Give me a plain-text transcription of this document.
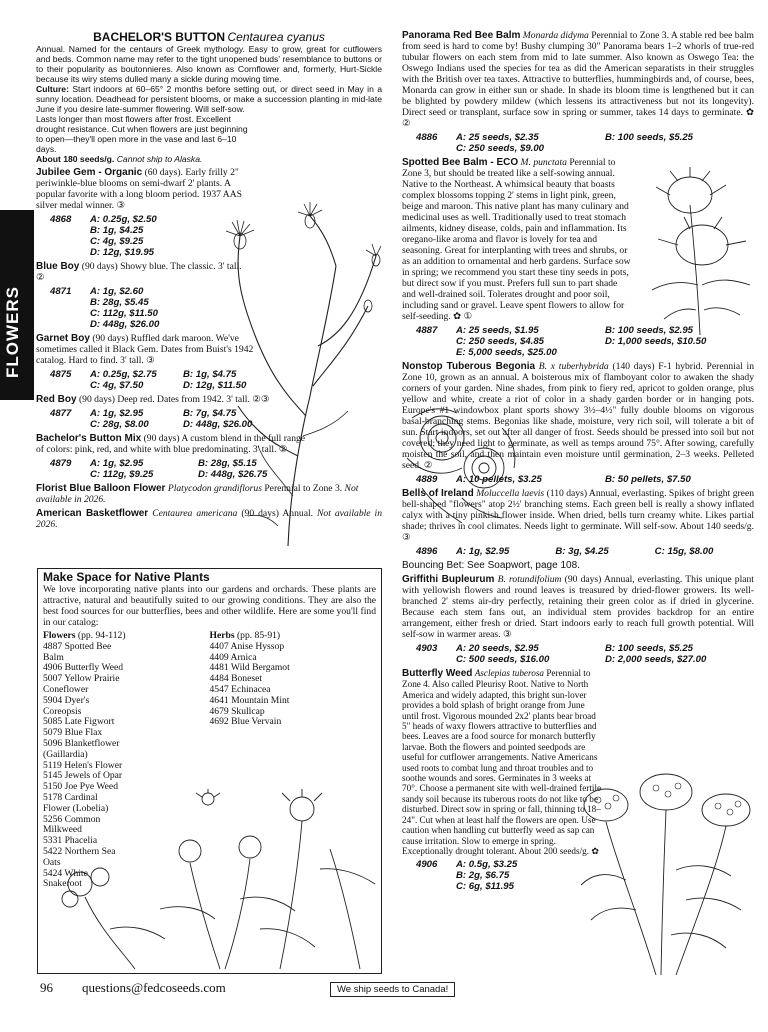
FLOWERS
BACHELOR'S BUTTON Centaurea cyanus

Annual. Named for the centaurs of Greek mythology. Easy to grow, great for cutflowers and beds. Common name may refer to the tight unopened buds' resemblance to buttons or to their popularity as boutonnieres. Also known as Cornflower and, formerly, Hurt-Sickle because its wiry stems dulled many a sickle during mowing time.

Culture: Start indoors at 60–65° 2 months before setting out, or direct seed in May in a sunny location. Deadhead for persistent blooms, or make a succession planting in mid-late June if you desire late-summer flowering. Will self-sow.

Lasts longer than most flowers after frost. Excellent drought resistance. Cut when flowers are just beginning to open—they'll open more in the vase and last 6–10 days.

About 180 seeds/g. Cannot ship to Alaska.

Jubilee Gem - Organic (60 days). Early frilly 2" periwinkle-blue blooms on semi-dwarf 2' plants. A popular favorite with a long bloom period. 1937 AAS silver medal winner. ③

4868	A: 0.25g, $2.50
B: 1g, $4.25
C: 4g, $9.25
D: 12g, $19.95

Blue Boy (90 days) Showy blue. The classic. 3' tall. ②

4871	A: 1g, $2.60
B: 28g, $5.45
C: 112g, $11.50
D: 448g, $26.00

Garnet Boy (90 days) Ruffled dark maroon. We've sometimes called it Black Gem. Dates from Buist's 1942 catalog. Hard to find. 3' tall. ③

4875	A: 0.25g, $2.75	B: 1g, $4.75
C: 4g, $7.50	D: 12g, $11.50

Red Boy (90 days) Deep red. Dates from 1942. 3' tall. ②③

4877	A: 1g, $2.95	B: 7g, $4.75
C: 28g, $8.00	D: 448g, $26.00

Bachelor's Button Mix (90 days) A custom blend in the full range of colors: pink, red, and white with blue predominating. 3' tall. ②

4879	A: 1g, $2.95	B: 28g, $5.15
C: 112g, $9.25	D: 448g, $26.75

Florist Blue Balloon Flower Platycodon grandiflorus Perennial to Zone 3. Not available in 2026.

American Basketflower Centaurea americana (90 days) Annual. Not available in 2026.

Make Space for Native Plants

We love incorporating native plants into our gardens and orchards. These plants are attractive, natural and beautifully suited to our growing conditions. They are also the best food sources for our butterflies, bees and other wildlife. Here are some you'll find in our catalog:

Flowers (pp. 94-112)
4887 Spotted Bee Balm
4906 Butterfly Weed
5007 Yellow Prairie Coneflower
5904 Dyer's Coreopsis
5085 Late Figwort
5079 Blue Flax
5096 Blanketflower (Gaillardia)
5119 Helen's Flower
5145 Jewels of Opar
5150 Joe Pye Weed
5178 Cardinal Flower (Lobelia)
5256 Common Milkweed
5331 Phacelia
5422 Northern Sea Oats
5424 White Snakeroot
Herbs (pp. 85-91)
4407 Anise Hyssop
4409 Arnica
4481 Wild Bergamot
4484 Boneset
4547 Echinacea
4641 Mountain Mint
4679 Skullcap
4692 Blue Vervain

Panorama Red Bee Balm Monarda didyma Perennial to Zone 3. A stable red bee balm from seed is hard to come by! Bushy clumping 30" Panorama bears 1–2 whorls of true-red tubular flowers on each stem from mid to late summer. Also known as Oswego Tea: the Oswego Indians used the species for tea as did the American separatists in their struggles with the British over tea taxes. Attractive to butterflies, hummingbirds and, of course, bees, Monarda can grow in either sun or shade. In shade its bloom time is lengthened but it can be blighted by powdery mildew (which lessens its attractiveness but not its longevity). Direct seed or transplant, surface sow in spring or summer, takes 14 days to germinate. ✿ ②

4886	A: 25 seeds, $2.35	B: 100 seeds, $5.25
C: 250 seeds, $9.00

Spotted Bee Balm - ECO M. punctata Perennial to Zone 3, but should be treated like a self-sowing annual. Native to the Northeast. A whimsical beauty that boasts complex blossoms topping 2' stems in light pink, green, beige and maroon. This native plant has many culinary and medicinal uses as well. Traditionally used to treat stomach ailments, kidney disease, colds, pain and inflammation. Its oregano-like aroma and flavor is lovely for tea and seasoning. Great for interplanting with trees and shrubs, or as an addition to ornamental and herb gardens. Surface sow in spring; we recommend you start these tiny seeds in pots, but direct sow if you must. Prefers full sun to part shade and well-drained soil. Tolerates drought and poor soil, including sand or gravel. Leave spent flowers to allow for self-seeding. ✿ ①

4887	A: 25 seeds, $1.95	B: 100 seeds, $2.95
C: 250 seeds, $4.85	D: 1,000 seeds, $10.50
E: 5,000 seeds, $25.00

Nonstop Tuberous Begonia B. x tuberhybrida (140 days) F-1 hybrid. Perennial in Zone 10, grown as an annual. A boisterous mix of flamboyant color to awaken the shady corners of your garden. Nine shades, from pink to fiery red, apricot to golden orange, plus yellow and white, create a riot of color in a shady garden border or in hanging pots. Europe's #1 windowbox plant sports showy 3½–4½" fully double blooms on vigorous basal-branching stems. Begonias like shade, moisture, very rich soil, will tolerate a bit of sun. Start indoors, set out after all danger of frost. Seeds should be pressed into soil but not covered; they need light to germinate, as well as temps around 75°. After sowing, carefully moisten the soil, and then maintain even moisture until germination, 2–3 weeks. Pelleted seed. ②

4889	A: 10 pellets, $3.25	B: 50 pellets, $7.50

Bells of Ireland Moluccella laevis (110 days) Annual, everlasting. Spikes of bright green bell-shaped "flowers" atop 2½' branching stems. Each green bell is really a showy inflated calyx with a tiny pinkish flower inside. When dried, bells turn creamy white. Likes partial shade; thrives in cool climates. Needs light to germinate. Will self-sow. About 140 seeds/g. ③

4896	A: 1g, $2.95	B: 3g, $4.25	C: 15g, $8.00

Bouncing Bet: See Soapwort, page 108.

Griffithi Bupleurum B. rotundifolium (90 days) Annual, everlasting. This unique plant with yellowish flowers and round leaves is treasured by dried-flower growers. Its well-branched 2' stems air-dry perfectly, retaining their green color as if dried in glycerine. Because each stem fans out, an individual stem provides backdrop for an entire arrangement, either fresh or dried. Start indoors early to reach full growth potential. Will self-sow in warmer areas. ③

4903	A: 20 seeds, $2.95	B: 100 seeds, $5.25
C: 500 seeds, $16.00	D: 2,000 seeds, $27.00

Butterfly Weed Asclepias tuberosa Perennial to Zone 4. Also called Pleurisy Root. Native to North America and widely adapted, this bright sun-lover provides a bold splash of bright orange from June until frost. Vigorous mounded 2x2' plants bear broad 5" heads of waxy flowers attractive to butterflies and bees. Leaves are a food source for monarch butterfly larvae. Both the flowers and pointed seedpods are useful for cutflower arrangements. Native Americans used roots to combat lung and throat troubles and to soothe wounds and sores. Germinates in 3 weeks at 70°. Choose a permanent site with well-drained fertile sandy soil because its tuberous roots do not like to be disturbed. Direct sow in spring or fall, thinning to 18–24". Cut when at least half the flowers are open. Use caution when handling cut butterfly weed as sap can cause irritation. Slow to emerge in spring. Exceptionally drought tolerant. About 200 seeds/g. ✿

4906	A: 0.5g, $3.25
B: 2g, $6.75
C: 6g, $11.95
96 questions@fedcoseeds.com	We ship seeds to Canada!
